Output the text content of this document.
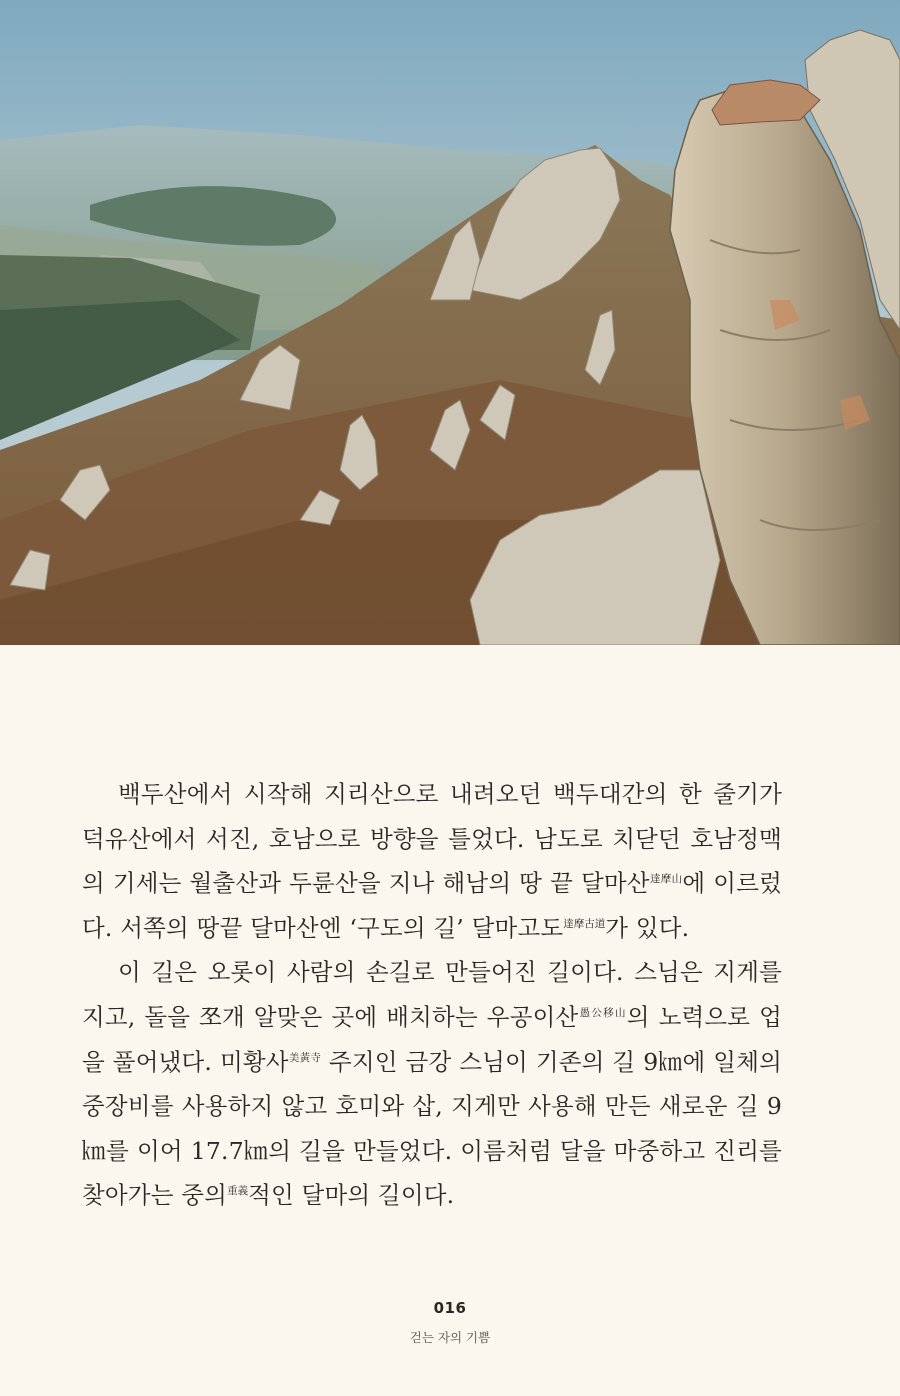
백두산에서 시작해 지리산으로 내려오던 백두대간의 한 줄기가 덕유산에서 서진, 호남으로 방향을 틀었다. 남도로 치닫던 호남정맥의 기세는 월출산과 두륜산을 지나 해남의 땅 끝 달마산$^{達摩山}$에 이르렀다. 서쪽의 땅끝 달마산엔 ‘구도의 길’ 달마고도$^{達摩古道}$가 있다.

이 길은 오롯이 사람의 손길로 만들어진 길이다. 스님은 지게를 지고, 돌을 쪼개 알맞은 곳에 배치하는 우공이산$^{愚公移山}$의 노력으로 업을 풀어냈다. 미황사$^{美黃寺}$ 주지인 금강 스님이 기존의 길 9㎞에 일체의 중장비를 사용하지 않고 호미와 삽, 지게만 사용해 만든 새로운 길 9㎞를 이어 17.7㎞의 길을 만들었다. 이름처럼 달을 마중하고 진리를 찾아가는 중의$^{重義}$적인 달마의 길이다.

016
걷는 자의 기쁨
